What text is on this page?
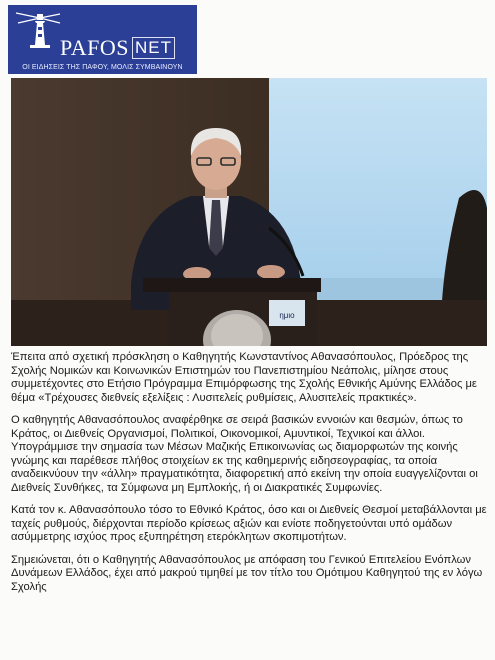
PAFOS NET
ΟΙ ΕΙΔΗΣΕΙΣ ΤΗΣ ΠΑΦΟΥ, ΜΟΛΙΣ ΣΥΜΒΑΙΝΟΥΝ
ημιο

Έπειτα από σχετική πρόσκληση ο Καθηγητής Κωνσταντίνος Αθανασόπουλος, Πρόεδρος της Σχολής Νομικών και Κοινωνικών Επιστημών του Πανεπιστημίου Νεάπολις, μίλησε στους συμμετέχοντες στο Ετήσιο Πρόγραμμα Επιμόρφωσης της Σχολής Εθνικής Αμύνης Ελλάδος με θέμα «Τρέχουσες διεθνείς εξελίξεις : Λυσιτελείς ρυθμίσεις, Αλυσιτελείς πρακτικές».

Ο καθηγητής Αθανασόπουλος αναφέρθηκε σε σειρά βασικών εννοιών και θεσμών, όπως το Κράτος, οι Διεθνείς Οργανισμοί, Πολιτικοί, Οικονομικοί, Αμυντικοί, Τεχνικοί και άλλοι. Υπογράμμισε την σημασία των Μέσων Μαζικής Επικοινωνίας ως διαμορφωτών της κοινής γνώμης και παρέθεσε πλήθος στοιχείων εκ της καθημερινής ειδησεογραφίας, τα οποία αναδεικνύουν την «άλλη» πραγματικότητα, διαφορετική από εκείνη την οποία ευαγγελίζονται οι Διεθνείς Συνθήκες, τα Σύμφωνα μη Εμπλοκής, ή οι Διακρατικές Συμφωνίες.

Κατά τον κ. Αθανασόπουλο τόσο το Εθνικό Κράτος, όσο και οι Διεθνείς Θεσμοί μεταβάλλονται με ταχείς ρυθμούς, διέρχονται περίοδο κρίσεως αξιών και ενίοτε ποδηγετούνται υπό ομάδων ασύμμετρης ισχύος προς εξυπηρέτηση ετερόκλητων σκοπιμοτήτων.

Σημειώνεται, ότι ο Καθηγητής Αθανασόπουλος με απόφαση του Γενικού Επιτελείου Ενόπλων Δυνάμεων Ελλάδος, έχει από μακρού τιμηθεί με τον τίτλο του Ομότιμου Καθηγητού της εν λόγω Σχολής
